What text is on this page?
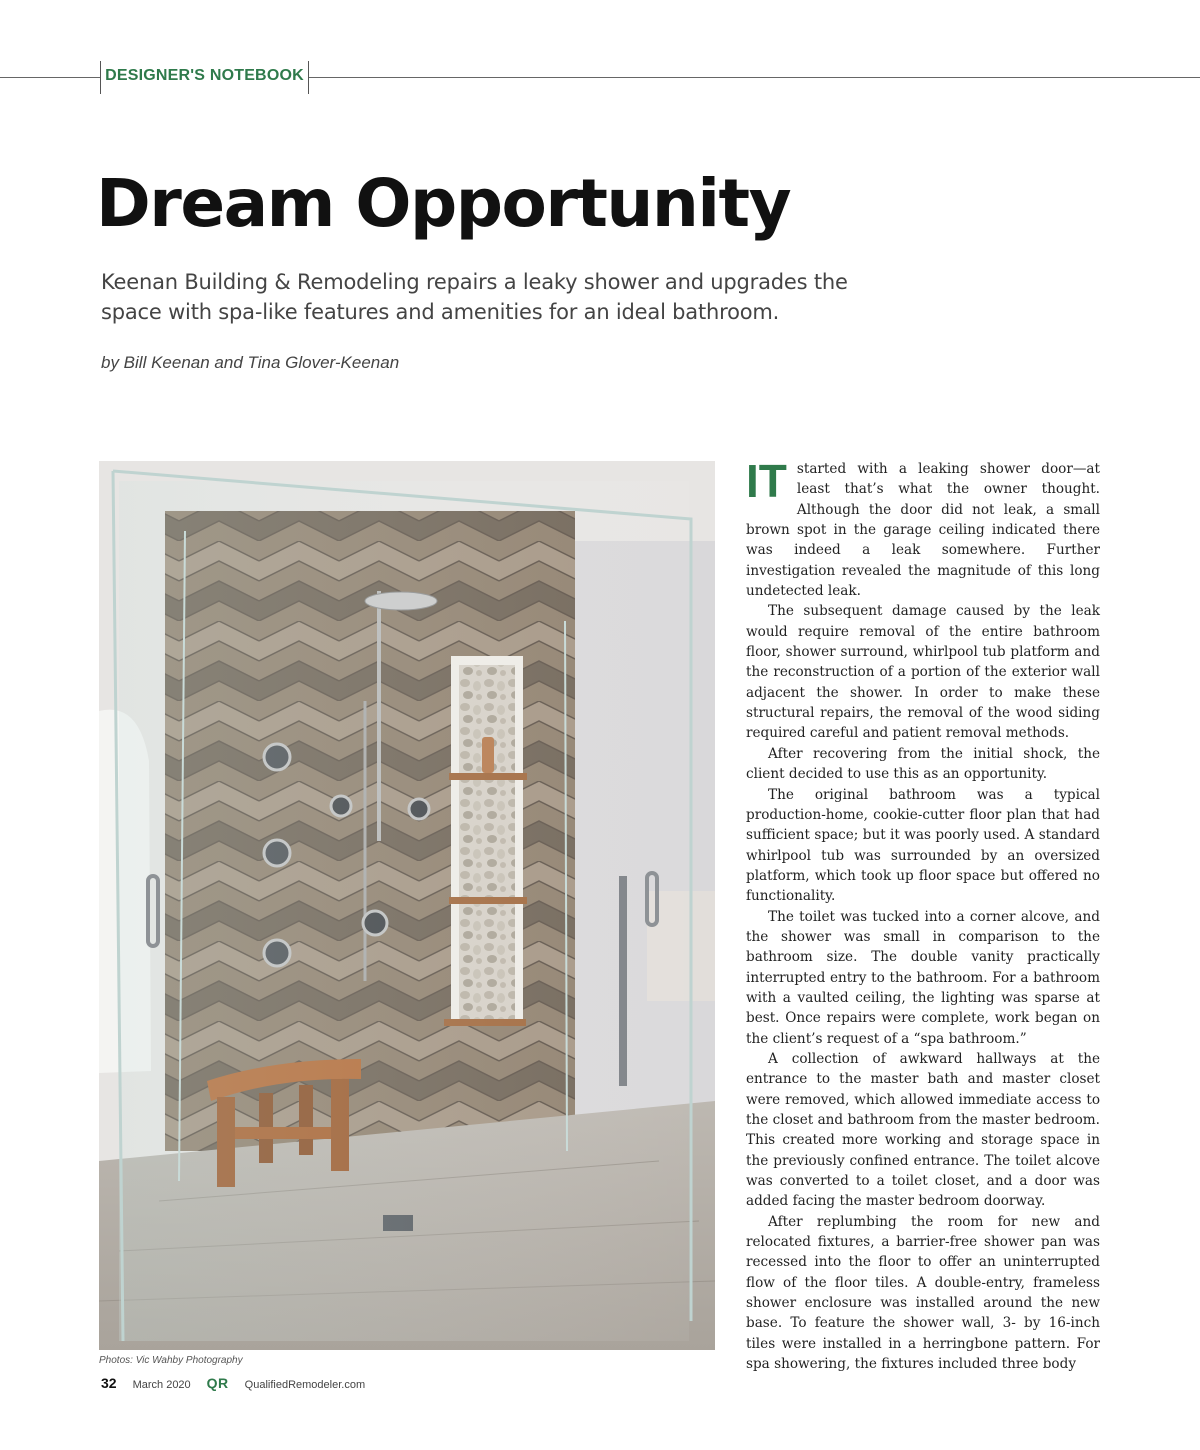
DESIGNER'S NOTEBOOK
Dream Opportunity

Keenan Building & Remodeling repairs a leaky shower and upgrades the space with spa-like features and amenities for an ideal bathroom.

by Bill Keenan and Tina Glover-Keenan

Photos: Vic Wahby Photography

IT started with a leaking shower door—at least that’s what the owner thought. Although the door did not leak, a small brown spot in the garage ceiling indicated there was indeed a leak somewhere. Further investigation revealed the magnitude of this long undetected leak.

The subsequent damage caused by the leak would require removal of the entire bathroom floor, shower surround, whirlpool tub platform and the reconstruction of a portion of the exterior wall adjacent the shower. In order to make these structural repairs, the removal of the wood siding required careful and patient removal methods.

After recovering from the initial shock, the client decided to use this as an opportunity.

The original bathroom was a typical production-home, cookie-cutter floor plan that had sufficient space; but it was poorly used. A standard whirlpool tub was surrounded by an oversized platform, which took up floor space but offered no functionality.

The toilet was tucked into a corner alcove, and the shower was small in comparison to the bathroom size. The double vanity practically interrupted entry to the bathroom. For a bathroom with a vaulted ceiling, the lighting was sparse at best. Once repairs were complete, work began on the client’s request of a “spa bathroom.”

A collection of awkward hallways at the entrance to the master bath and master closet were removed, which allowed immediate access to the closet and bathroom from the master bedroom. This created more working and storage space in the previously confined entrance. The toilet alcove was converted to a toilet closet, and a door was added facing the master bedroom doorway.

After replumbing the room for new and relocated fixtures, a barrier-free shower pan was recessed into the floor to offer an uninterrupted flow of the floor tiles. A double-entry, frameless shower enclosure was installed around the new base. To feature the shower wall, 3- by 16-inch tiles were installed in a herringbone pattern. For spa showering, the fixtures included three body

32 March 2020 QR QualifiedRemodeler.com
